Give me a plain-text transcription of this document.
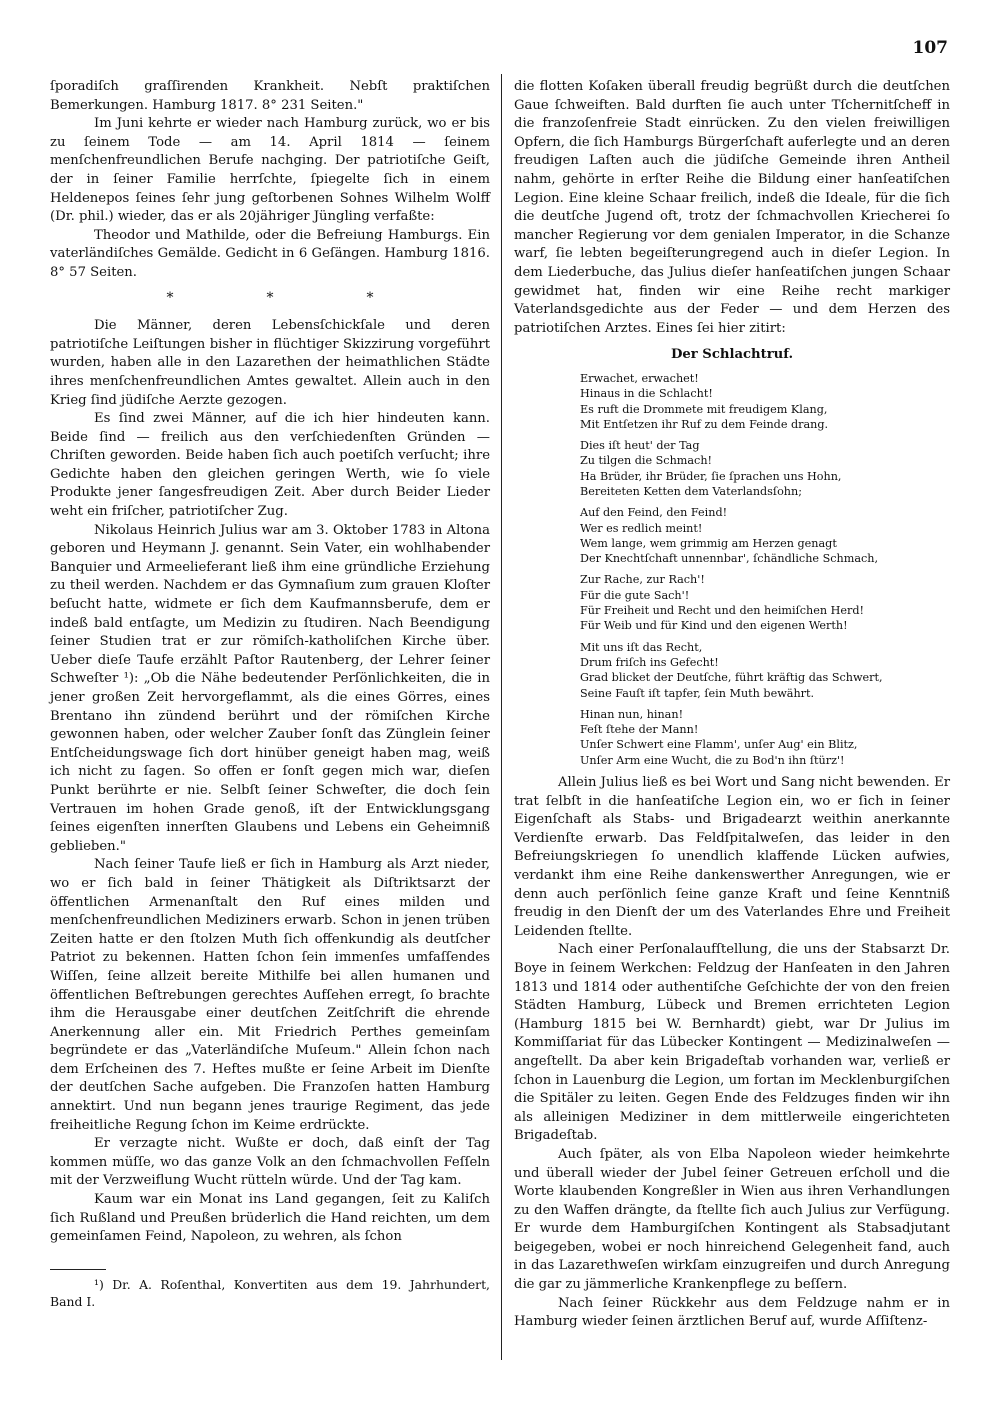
107

ſporadiſch graſſirenden Krankheit. Nebſt praktiſchen Bemerkungen. Hamburg 1817. 8° 231 Seiten."

Im Juni kehrte er wieder nach Hamburg zurück, wo er bis zu ſeinem Tode — am 14. April 1814 — ſeinem menſchenfreundlichen Berufe nachging. Der patriotiſche Geiſt, der in ſeiner Familie herrſchte, ſpiegelte ſich in einem Heldenepos ſeines ſehr jung geſtorbenen Sohnes Wilhelm Wolff (Dr. phil.) wieder, das er als 20jähriger Jüngling verfaßte:

Theodor und Mathilde, oder die Befreiung Hamburgs. Ein vaterländiſches Gemälde. Gedicht in 6 Geſängen. Hamburg 1816. 8° 57 Seiten.

*	*	*

Die Männer, deren Lebensſchickſale und deren patriotiſche Leiſtungen bisher in flüchtiger Skizzirung vorgeführt wurden, haben alle in den Lazarethen der heimathlichen Städte ihres menſchenfreundlichen Amtes gewaltet. Allein auch in den Krieg ſind jüdiſche Aerzte gezogen.

Es ſind zwei Männer, auf die ich hier hindeuten kann. Beide ſind — freilich aus den verſchiedenſten Gründen — Chriſten geworden. Beide haben ſich auch poetiſch verſucht; ihre Gedichte haben den gleichen geringen Werth, wie ſo viele Produkte jener ſangesfreudigen Zeit. Aber durch Beider Lieder weht ein friſcher, patriotiſcher Zug.

Nikolaus Heinrich Julius war am 3. Oktober 1783 in Altona geboren und Heymann J. genannt. Sein Vater, ein wohlhabender Banquier und Armeelieferant ließ ihm eine gründliche Erziehung zu theil werden. Nachdem er das Gymnaſium zum grauen Kloſter beſucht hatte, widmete er ſich dem Kaufmannsberufe, dem er indeß bald entſagte, um Medizin zu ſtudiren. Nach Beendigung ſeiner Studien trat er zur römiſch-katholiſchen Kirche über. Ueber dieſe Taufe erzählt Paſtor Rautenberg, der Lehrer ſeiner Schweſter ¹): „Ob die Nähe bedeutender Perſönlichkeiten, die in jener großen Zeit hervorgeflammt, als die eines Görres, eines Brentano ihn zündend berührt und der römiſchen Kirche gewonnen haben, oder welcher Zauber ſonſt das Zünglein ſeiner Entſcheidungswage ſich dort hinüber geneigt haben mag, weiß ich nicht zu ſagen. So offen er ſonſt gegen mich war, dieſen Punkt berührte er nie. Selbſt ſeiner Schweſter, die doch ſein Vertrauen im hohen Grade genoß, iſt der Entwicklungsgang ſeines eigenſten innerſten Glaubens und Lebens ein Geheimniß geblieben."

Nach ſeiner Taufe ließ er ſich in Hamburg als Arzt nieder, wo er ſich bald in ſeiner Thätigkeit als Diſtriktsarzt der öffentlichen Armenanſtalt den Ruf eines milden und menſchenfreundlichen Mediziners erwarb. Schon in jenen trüben Zeiten hatte er den ſtolzen Muth ſich offenkundig als deutſcher Patriot zu bekennen. Hatten ſchon ſein immenſes umfaſſendes Wiſſen, ſeine allzeit bereite Mithilfe bei allen humanen und öffentlichen Beſtrebungen gerechtes Aufſehen erregt, ſo brachte ihm die Herausgabe einer deutſchen Zeitſchrift die ehrende Anerkennung aller ein. Mit Friedrich Perthes gemeinſam begründete er das „Vaterländiſche Muſeum." Allein ſchon nach dem Erſcheinen des 7. Heftes mußte er ſeine Arbeit im Dienſte der deutſchen Sache aufgeben. Die Franzoſen hatten Hamburg annektirt. Und nun begann jenes traurige Regiment, das jede freiheitliche Regung ſchon im Keime erdrückte.

Er verzagte nicht. Wußte er doch, daß einſt der Tag kommen müſſe, wo das ganze Volk an den ſchmachvollen Feſſeln mit der Verzweiflung Wucht rütteln würde. Und der Tag kam.

Kaum war ein Monat ins Land gegangen, ſeit zu Kaliſch ſich Rußland und Preußen brüderlich die Hand reichten, um dem gemeinſamen Feind, Napoleon, zu wehren, als ſchon

¹) Dr. A. Roſenthal, Konvertiten aus dem 19. Jahrhundert, Band I.

die flotten Koſaken überall freudig begrüßt durch die deutſchen Gaue ſchweiften. Bald durften ſie auch unter Tſchernitſcheff in die franzoſenfreie Stadt einrücken. Zu den vielen freiwilligen Opfern, die ſich Hamburgs Bürgerſchaft auferlegte und an deren freudigen Laſten auch die jüdiſche Gemeinde ihren Antheil nahm, gehörte in erſter Reihe die Bildung einer hanſeatiſchen Legion. Eine kleine Schaar freilich, indeß die Ideale, für die ſich die deutſche Jugend oft, trotz der ſchmachvollen Kriecherei ſo mancher Regierung vor dem genialen Imperator, in die Schanze warf, ſie lebten begeiſterungregend auch in dieſer Legion. In dem Liederbuche, das Julius dieſer hanſeatiſchen jungen Schaar gewidmet hat, finden wir eine Reihe recht markiger Vaterlandsgedichte aus der Feder — und dem Herzen des patriotiſchen Arztes. Eines ſei hier zitirt:

Der Schlachtruf.
Erwachet, erwachet!
Hinaus in die Schlacht!
Es ruft die Drommete mit freudigem Klang,
Mit Entſetzen ihr Ruf zu dem Feinde drang.
Dies iſt heut' der Tag
Zu tilgen die Schmach!
Ha Brüder, ihr Brüder, ſie ſprachen uns Hohn,
Bereiteten Ketten dem Vaterlandsſohn;
Auf den Feind, den Feind!
Wer es redlich meint!
Wem lange, wem grimmig am Herzen genagt
Der Knechtſchaft unnennbar', ſchändliche Schmach,
Zur Rache, zur Rach'!
Für die gute Sach'!
Für Freiheit und Recht und den heimiſchen Herd!
Für Weib und für Kind und den eigenen Werth!
Mit uns iſt das Recht,
Drum friſch ins Gefecht!
Grad blicket der Deutſche, führt kräftig das Schwert,
Seine Fauſt iſt tapfer, ſein Muth bewährt.
Hinan nun, hinan!
Feſt ſtehe der Mann!
Unſer Schwert eine Flamm', unſer Aug' ein Blitz,
Unſer Arm eine Wucht, die zu Bod'n ihn ſtürz'!

Allein Julius ließ es bei Wort und Sang nicht bewenden. Er trat ſelbſt in die hanſeatiſche Legion ein, wo er ſich in ſeiner Eigenſchaft als Stabs- und Brigadearzt weithin anerkannte Verdienſte erwarb. Das Feldſpitalweſen, das leider in den Befreiungskriegen ſo unendlich klaffende Lücken aufwies, verdankt ihm eine Reihe dankenswerther Anregungen, wie er denn auch perſönlich ſeine ganze Kraft und ſeine Kenntniß freudig in den Dienſt der um des Vaterlandes Ehre und Freiheit Leidenden ſtellte.

Nach einer Perſonalaufſtellung, die uns der Stabsarzt Dr. Boye in ſeinem Werkchen: Feldzug der Hanſeaten in den Jahren 1813 und 1814 oder authentiſche Geſchichte der von den freien Städten Hamburg, Lübeck und Bremen errichteten Legion (Hamburg 1815 bei W. Bernhardt) giebt, war Dr Julius im Kommiſſariat für das Lübecker Kontingent — Medizinalweſen — angeſtellt. Da aber kein Brigadeſtab vorhanden war, verließ er ſchon in Lauenburg die Legion, um fortan im Mecklenburgiſchen die Spitäler zu leiten. Gegen Ende des Feldzuges finden wir ihn als alleinigen Mediziner in dem mittlerweile eingerichteten Brigadeſtab.

Auch ſpäter, als von Elba Napoleon wieder heimkehrte und überall wieder der Jubel ſeiner Getreuen erſcholl und die Worte klaubenden Kongreßler in Wien aus ihren Verhandlungen zu den Waffen drängte, da ſtellte ſich auch Julius zur Verfügung. Er wurde dem Hamburgiſchen Kontingent als Stabsadjutant beigegeben, wobei er noch hinreichend Gelegenheit fand, auch in das Lazarethweſen wirkſam einzugreifen und durch Anregung die gar zu jämmerliche Krankenpflege zu beſſern.

Nach ſeiner Rückkehr aus dem Feldzuge nahm er in Hamburg wieder ſeinen ärztlichen Beruf auf, wurde Aſſiſtenz-
